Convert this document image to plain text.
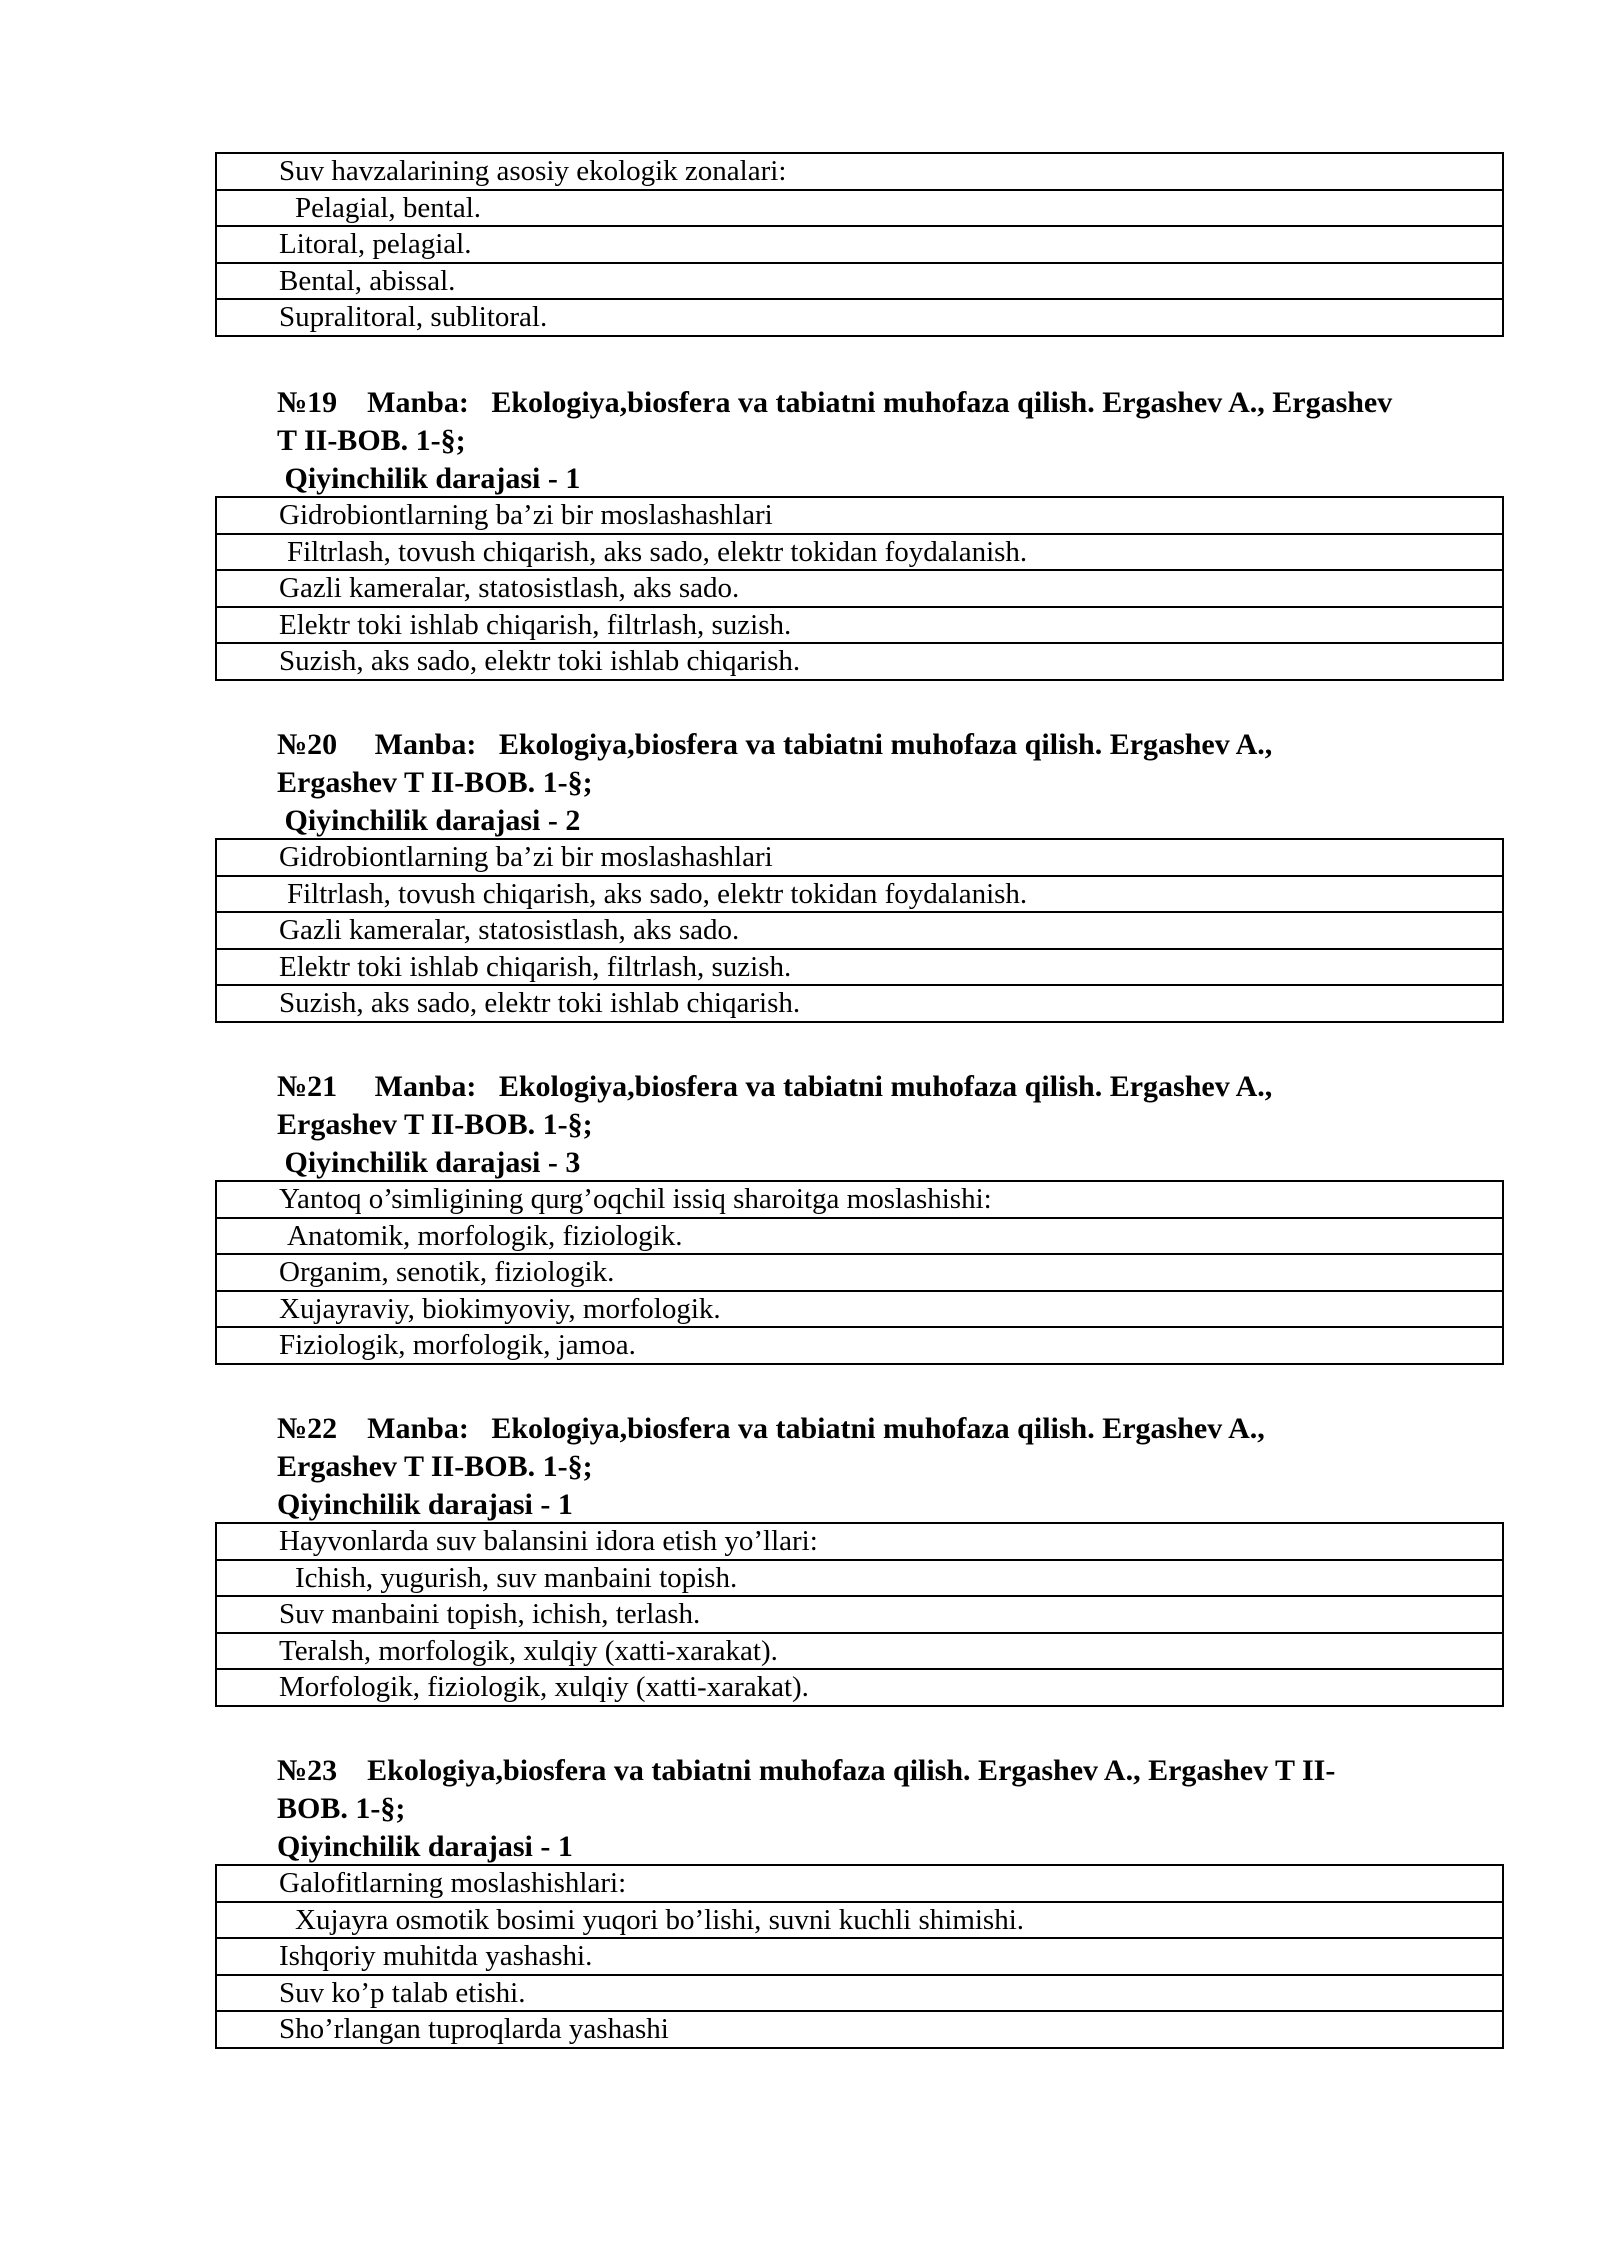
Suv havzalarining asosiy ekologik zonalari:
Pelagial, bental.
Litoral, pelagial.
Bental, abissal.
Supralitoral, sublitoral.
№19    Manba:   Ekologiya,biosfera va tabiatni muhofaza qilish. Ergashev A., Ergashev
T II-BOB. 1-§;
Qiyinchilik darajasi - 1
Gidrobiontlarning ba’zi bir moslashashlari
Filtrlash, tovush chiqarish, aks sado, elektr tokidan foydalanish.
Gazli kameralar, statosistlash, aks sado.
Elektr toki ishlab chiqarish, filtrlash, suzish.
Suzish, aks sado, elektr toki ishlab chiqarish.
№20     Manba:   Ekologiya,biosfera va tabiatni muhofaza qilish. Ergashev A.,
Ergashev T II-BOB. 1-§;
Qiyinchilik darajasi - 2
Gidrobiontlarning ba’zi bir moslashashlari
Filtrlash, tovush chiqarish, aks sado, elektr tokidan foydalanish.
Gazli kameralar, statosistlash, aks sado.
Elektr toki ishlab chiqarish, filtrlash, suzish.
Suzish, aks sado, elektr toki ishlab chiqarish.
№21     Manba:   Ekologiya,biosfera va tabiatni muhofaza qilish. Ergashev A.,
Ergashev T II-BOB. 1-§;
Qiyinchilik darajasi - 3
Yantoq o’simligining qurg’oqchil issiq sharoitga moslashishi:
Anatomik, morfologik, fiziologik.
Organim, senotik, fiziologik.
Xujayraviy, biokimyoviy, morfologik.
Fiziologik, morfologik, jamoa.
№22    Manba:   Ekologiya,biosfera va tabiatni muhofaza qilish. Ergashev A.,
Ergashev T II-BOB. 1-§;
Qiyinchilik darajasi - 1
Hayvonlarda suv balansini idora etish yo’llari:
Ichish, yugurish, suv manbaini topish.
Suv manbaini topish, ichish, terlash.
Teralsh, morfologik, xulqiy (xatti-xarakat).
Morfologik, fiziologik, xulqiy (xatti-xarakat).
№23    Ekologiya,biosfera va tabiatni muhofaza qilish. Ergashev A., Ergashev T II-
BOB. 1-§;
Qiyinchilik darajasi - 1
Galofitlarning moslashishlari:
Xujayra osmotik bosimi yuqori bo’lishi, suvni kuchli shimishi.
Ishqoriy muhitda yashashi.
Suv ko’p talab etishi.
Sho’rlangan tuproqlarda yashashi
